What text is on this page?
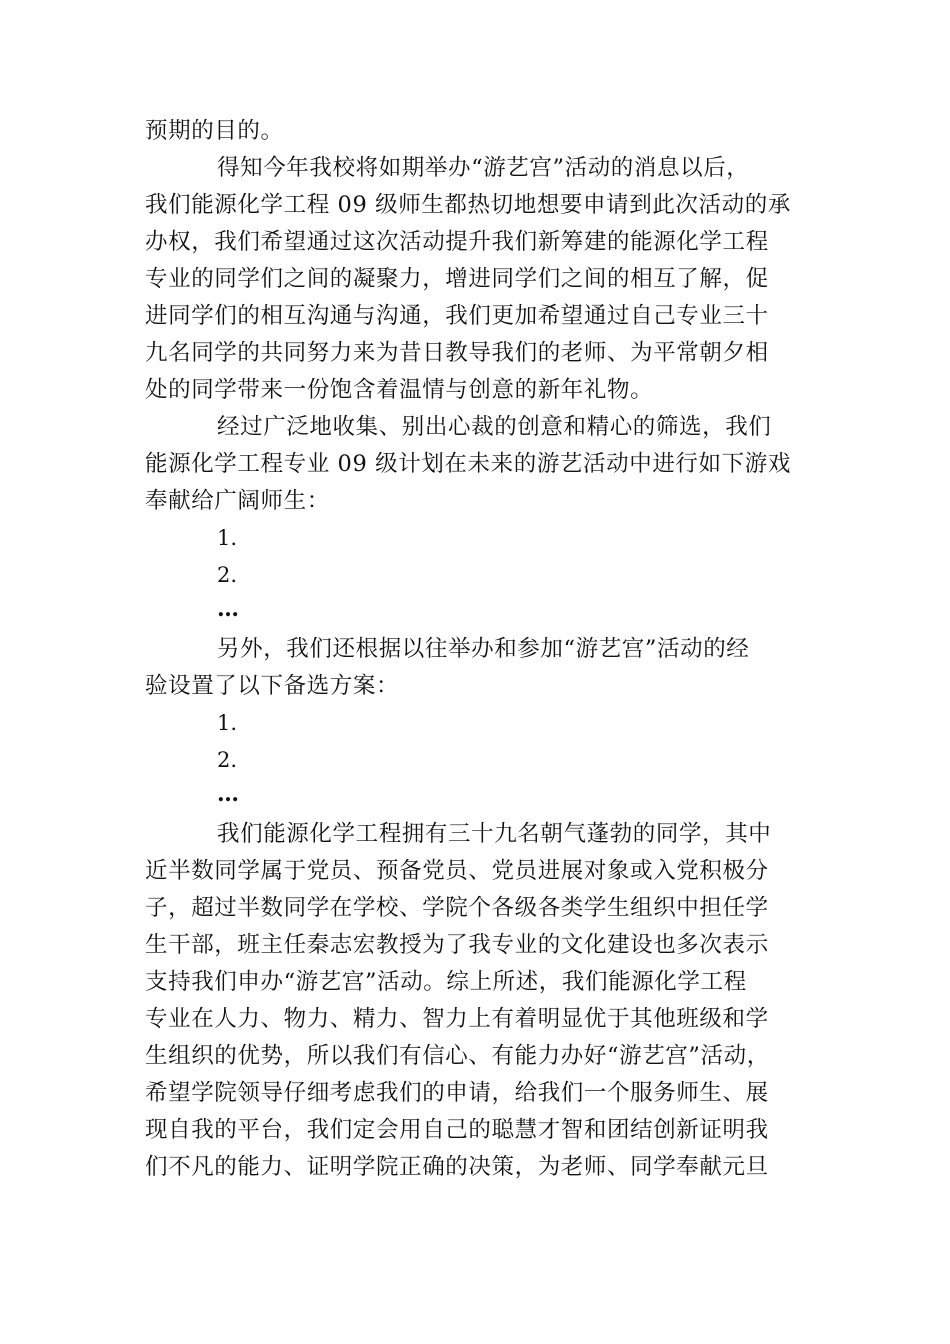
预期的目的。
得知今年我校将如期举办“游艺宫”活动的消息以后，
我们能源化学工程 09 级师生都热切地想要申请到此次活动的承
办权，我们希望通过这次活动提升我们新筹建的能源化学工程
专业的同学们之间的凝聚力，增进同学们之间的相互了解，促
进同学们的相互沟通与沟通，我们更加希望通过自己专业三十
九名同学的共同努力来为昔日教导我们的老师、为平常朝夕相
处的同学带来一份饱含着温情与创意的新年礼物。
经过广泛地收集、别出心裁的创意和精心的筛选，我们
能源化学工程专业 09 级计划在未来的游艺活动中进行如下游戏
奉献给广阔师生：
1.
2.
…
另外，我们还根据以往举办和参加“游艺宫”活动的经
验设置了以下备选方案：
1.
2.
…
我们能源化学工程拥有三十九名朝气蓬勃的同学，其中
近半数同学属于党员、预备党员、党员进展对象或入党积极分
子，超过半数同学在学校、学院个各级各类学生组织中担任学
生干部，班主任秦志宏教授为了我专业的文化建设也多次表示
支持我们申办“游艺宫”活动。综上所述，我们能源化学工程
专业在人力、物力、精力、智力上有着明显优于其他班级和学
生组织的优势，所以我们有信心、有能力办好“游艺宫”活动，
希望学院领导仔细考虑我们的申请，给我们一个服务师生、展
现自我的平台，我们定会用自己的聪慧才智和团结创新证明我
们不凡的能力、证明学院正确的决策，为老师、同学奉献元旦
